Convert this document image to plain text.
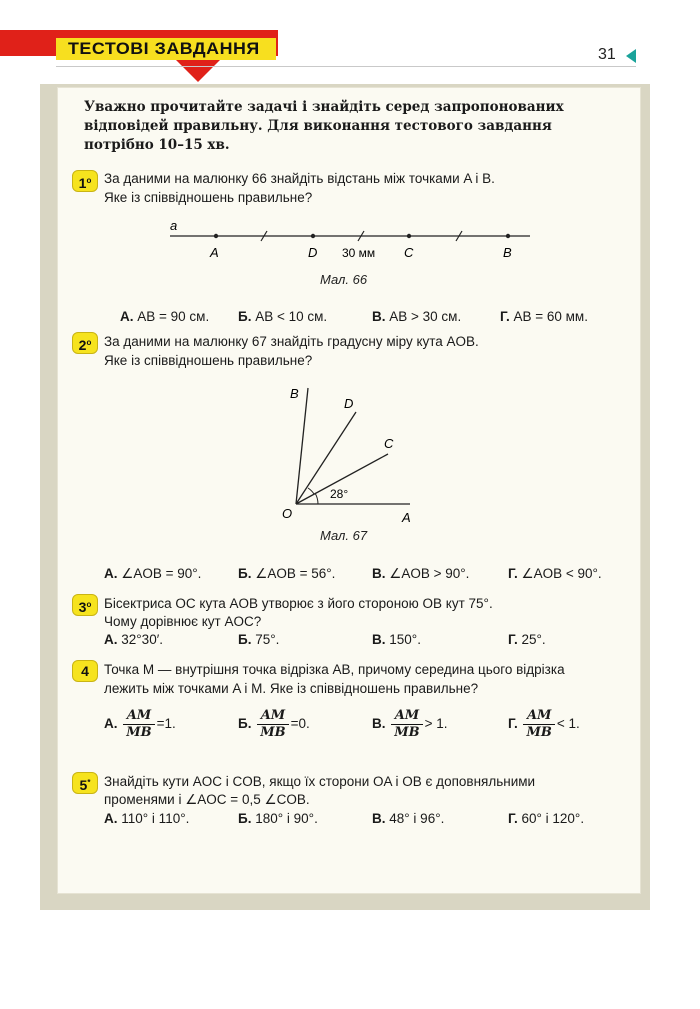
ТЕСТОВІ ЗАВДАННЯ	31
Уважно прочитайте задачі і знайдіть серед запропонованих відповідей правильну. Для виконання тестового завдання потрібно 10–15 хв.
$1^о$ За даними на малюнку 66 знайдіть відстань між точками A і B.
Яке із співвідношень правильне?
a
A	D	C	B
30 мм
Мал. 66
А. AB = 90 см. Б. AB < 10 см.	В. AB > 30 см.	Г. AB = 60 мм.
$2^о$ За даними на малюнку 67 знайдіть градусну міру кута AOB.
Яке із співвідношень правильне?
B
D
C
O	A
28°
Мал. 67
А. ∠AOB = 90°.	Б. ∠AOB = 56°.	В. ∠AOB > 90°.	Г. ∠AOB < 90°.
$3^о$ Бісектриса OC кута AOB утворює з його стороною OB кут 75°.
Чому дорівнює кут AOC?
А. 32°30′.	Б. 75°.	В. 150°.	Г. 25°.
4	Точка M — внутрішня точка відрізка AB, причому середина цього відрізка
лежить між точками A і M. Яке із співвідношень правильне?
А. $\frac{AM}{MB} =1$.	Б. $\frac{AM}{MB} =0$.	В. $\frac{AM}{MB} > 1$.	Г. $\frac{AM}{MB} < 1$.
5*	Знайдіть кути AOC і COB, якщо їх сторони OA і OB є доповняльними
променями і ∠AOC = 0,5 ∠COB.
А. 110° і 110°.	Б. 180° і 90°.	В. 48° і 96°.	Г. 60° і 120°.
